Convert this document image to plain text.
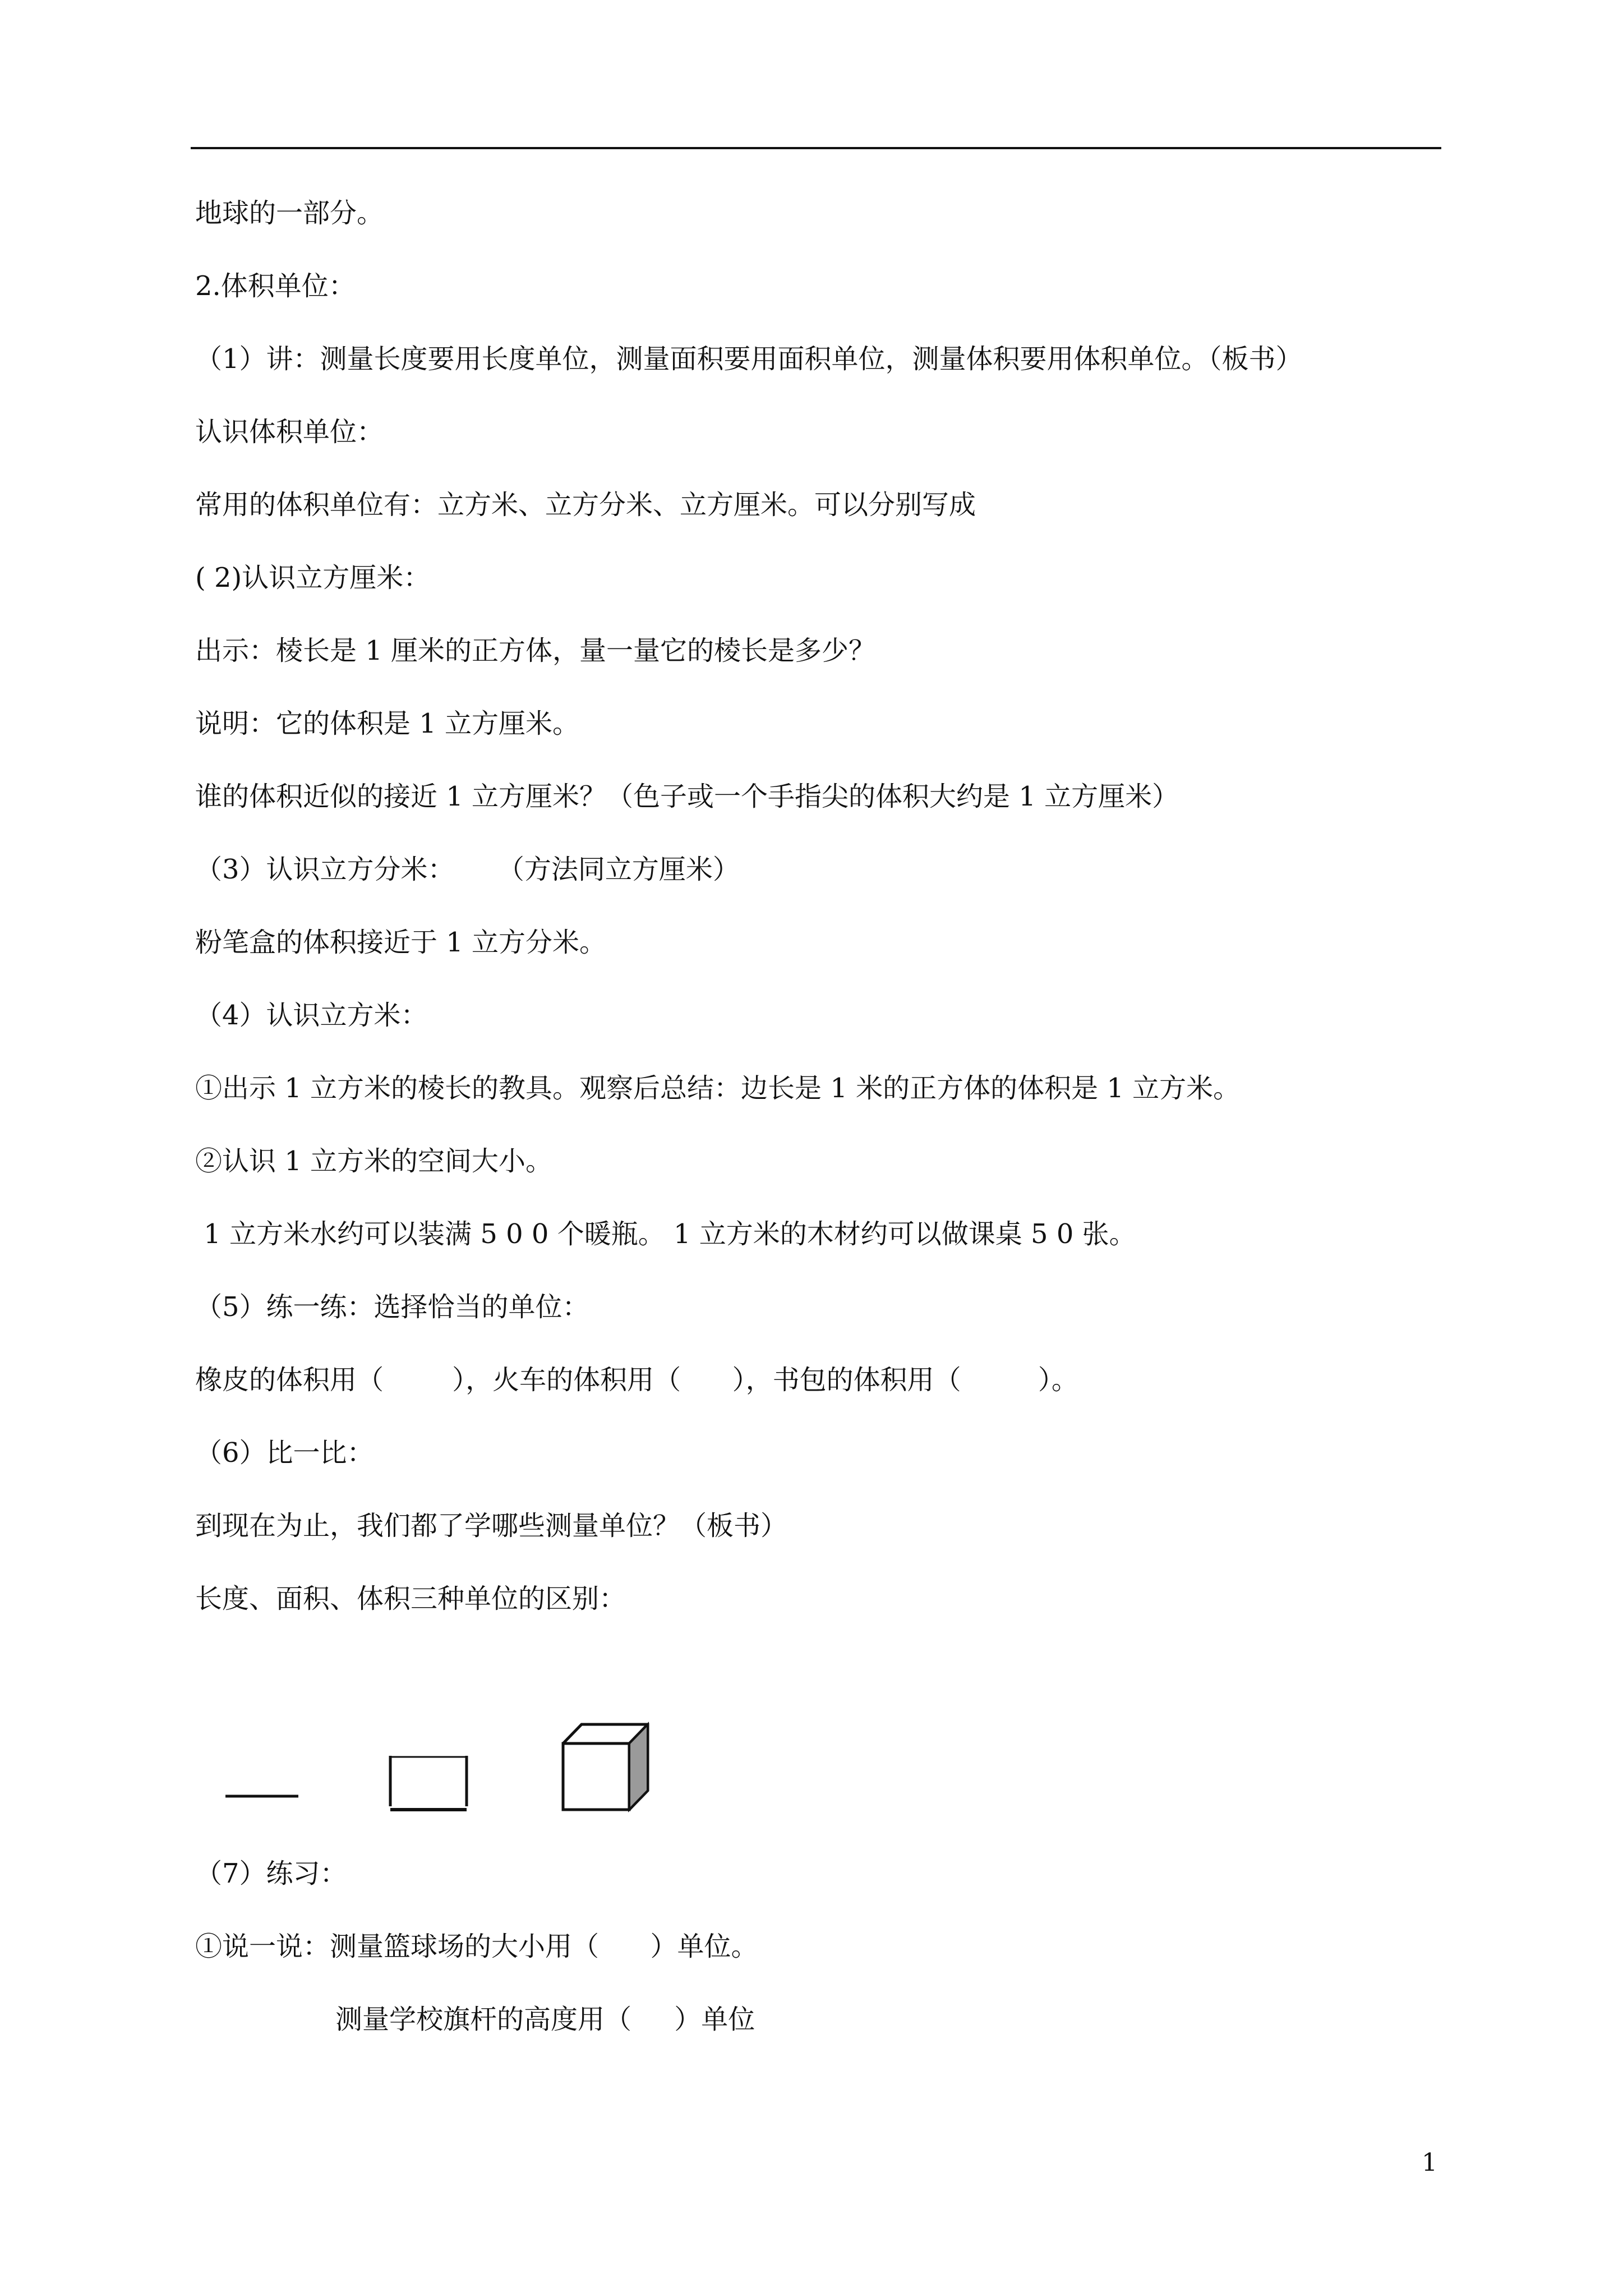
地球的一部分。
2.体积单位：
（1）讲：测量长度要用长度单位，测量面积要用面积单位，测量体积要用体积单位。（板书）
认识体积单位：
常用的体积单位有：立方米、立方分米、立方厘米。可以分别写成
( 2)认识立方厘米：
出示：棱长是 1 厘米的正方体，量一量它的棱长是多少？
说明：它的体积是 1 立方厘米。
谁的体积近似的接近 1 立方厘米？（色子或一个手指尖的体积大约是 1 立方厘米）
（3）认识立方分米：     （方法同立方厘米）
粉笔盒的体积接近于 1 立方分米。
（4）认识立方米：
①出示 1 立方米的棱长的教具。观察后总结：边长是 1 米的正方体的体积是 1 立方米。
②认识 1 立方米的空间大小。
1 立方米水约可以装满 5 0 0 个暖瓶。 1 立方米的木材约可以做课桌 5 0 张。
（5）练一练：选择恰当的单位：
橡皮的体积用（        ），火车的体积用（      ），书包的体积用（         ）。
（6）比一比：
到现在为止，我们都了学哪些测量单位？（板书）
长度、面积、体积三种单位的区别：
（7）练习：
①说一说：测量篮球场的大小用（      ）单位。
测量学校旗杆的高度用（     ）单位
1
